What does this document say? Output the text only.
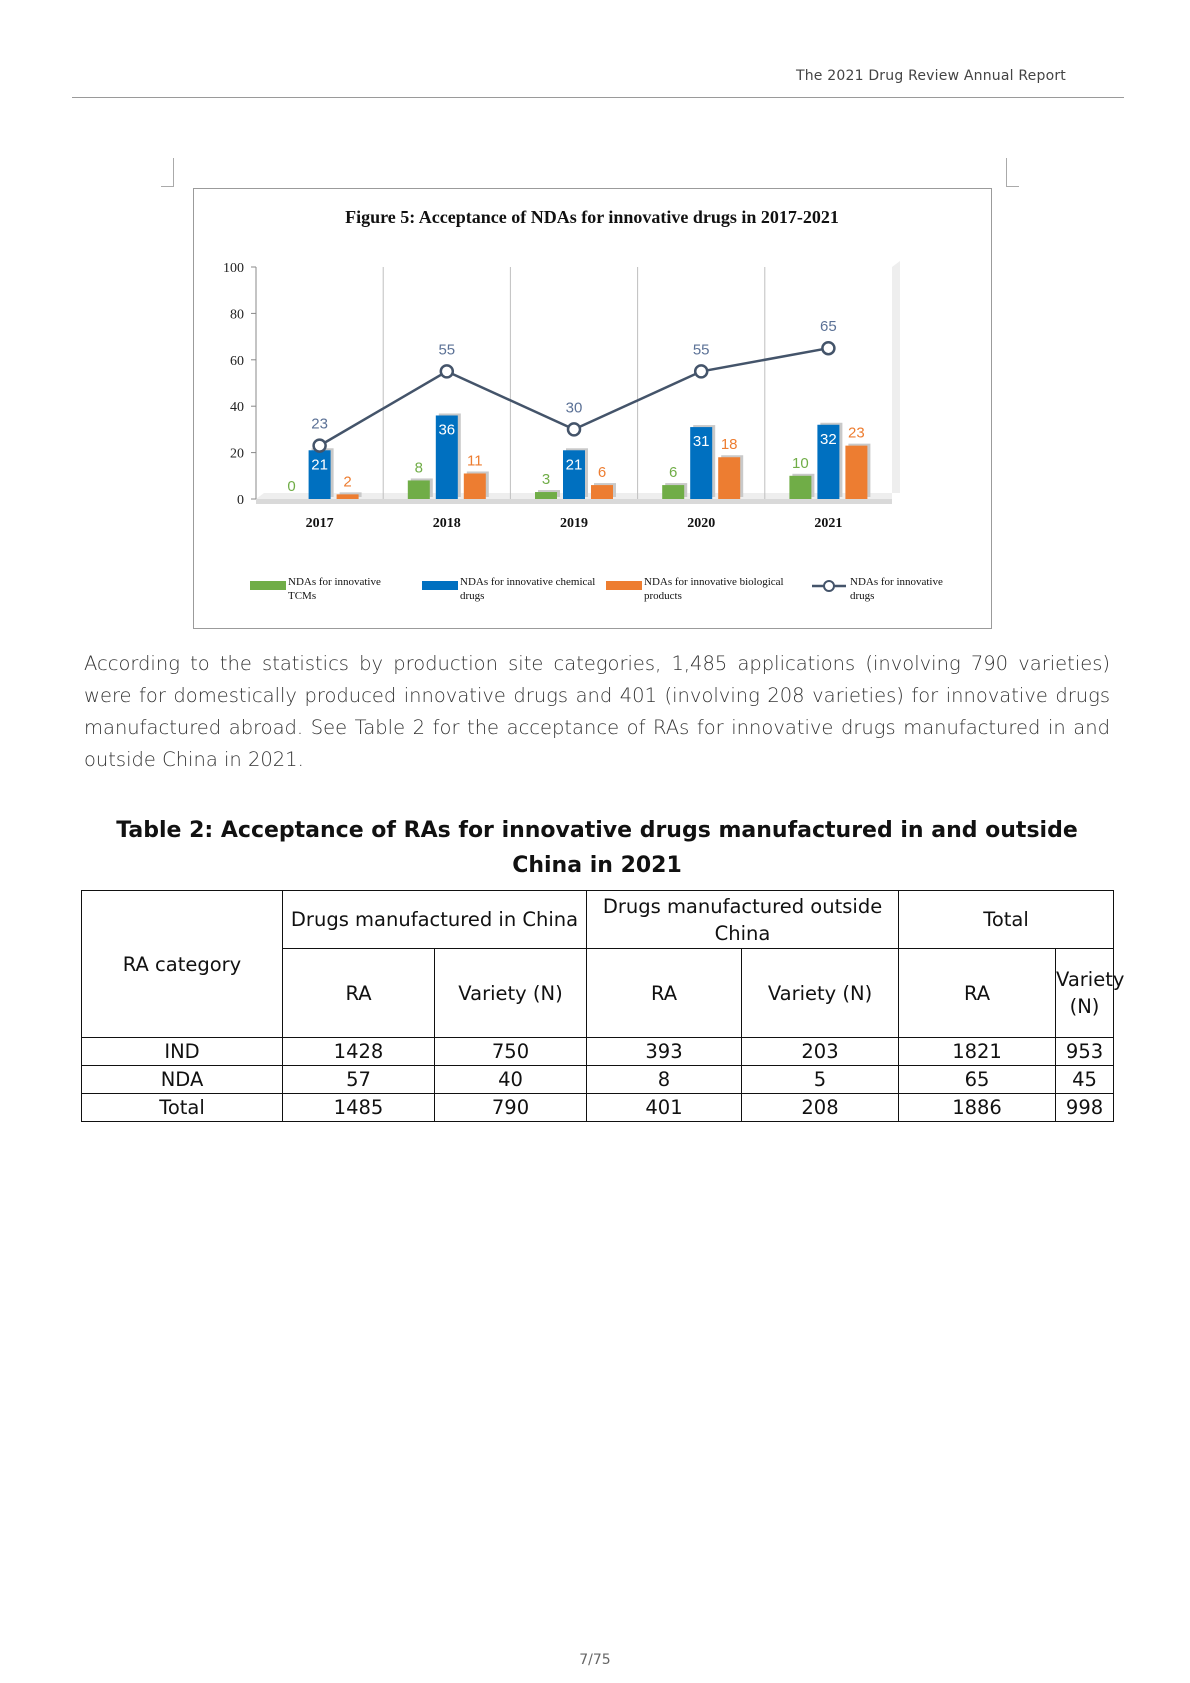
The 2021 Drug Review Annual Report
Figure 5: Acceptance of NDAs for innovative drugs in 2017-2021
0
20
40
60
80
100
0
21
2
2017
8
36
11
2018
3
21 6
2019
6
31 18
2020
10
32 23
2021
23
55
30
55
65
NDAs for innovative TCMs
NDAs for innovative chemical drugs
NDAs for innovative biological products
NDAs for innovative drugs
According to the statistics by production site categories, 1,485 applications (involving 790 varieties) were for domestically produced innovative drugs and 401 (involving 208 varieties) for innovative drugs manufactured abroad. See Table 2 for the acceptance of RAs for innovative drugs manufactured in and outside China in 2021.
Table 2: Acceptance of RAs for innovative drugs manufactured in and outside China in 2021
RA category	Drugs manufactured in China		Drugs manufactured outside China		Total	
	RA	Variety (N)	RA	Variety (N)	RA	Variety (N)
IND	1428	750	393	203	1821	953
NDA	57	40	8	5	65	45
Total	1485	790	401	208	1886	998
7/75
